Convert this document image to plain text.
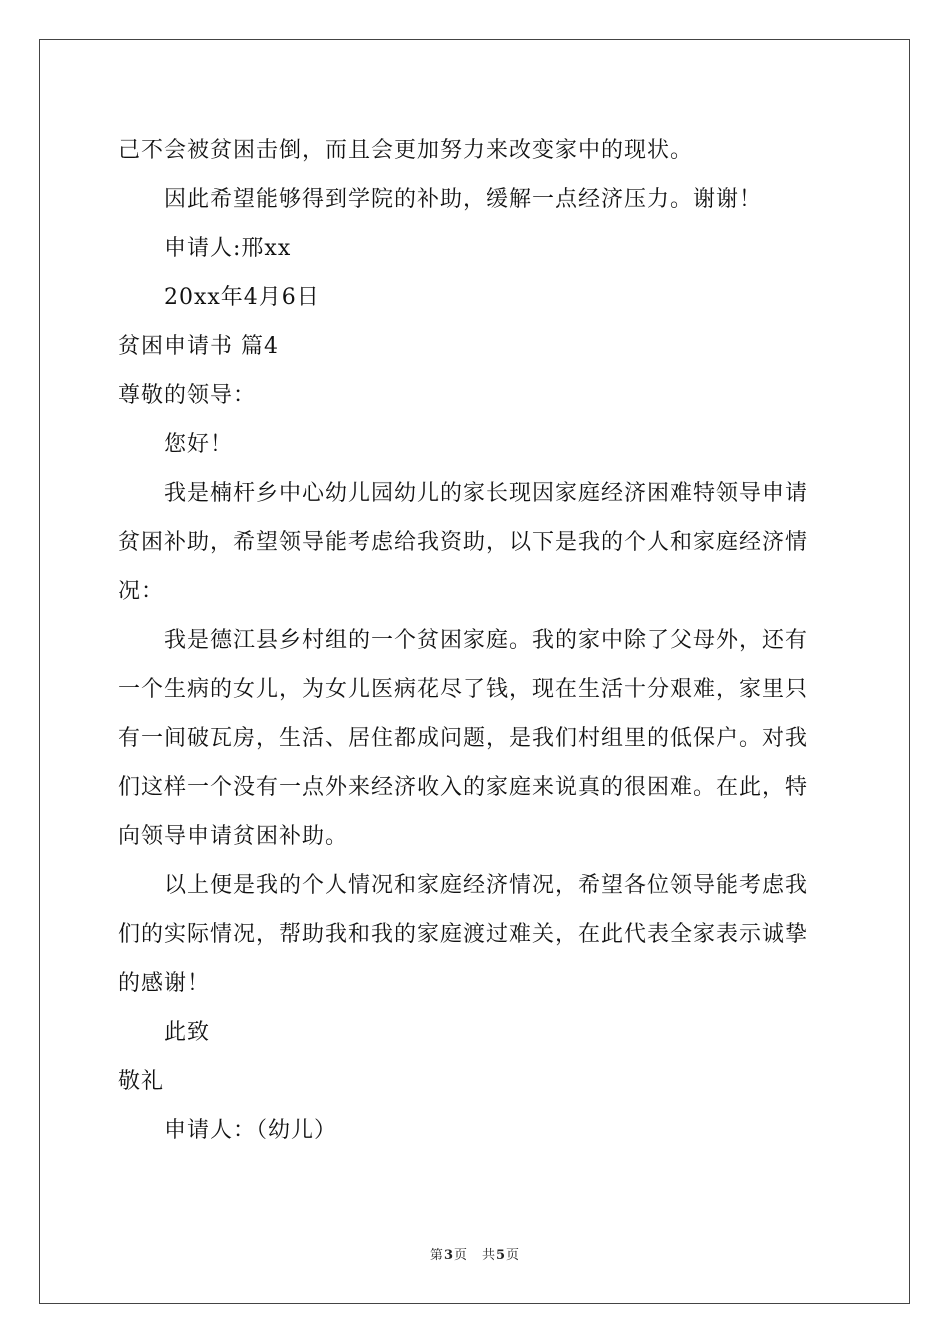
己不会被贫困击倒，而且会更加努力来改变家中的现状。
因此希望能够得到学院的补助，缓解一点经济压力。谢谢！
申请人:邢xx
20xx年4月6日
贫困申请书 篇4
尊敬的领导：
您好！
我是楠杆乡中心幼儿园幼儿的家长现因家庭经济困难特领导申请
贫困补助，希望领导能考虑给我资助，以下是我的个人和家庭经济情
况：
我是德江县乡村组的一个贫困家庭。我的家中除了父母外，还有
一个生病的女儿，为女儿医病花尽了钱，现在生活十分艰难，家里只
有一间破瓦房，生活、居住都成问题，是我们村组里的低保户。对我
们这样一个没有一点外来经济收入的家庭来说真的很困难。在此，特
向领导申请贫困补助。
以上便是我的个人情况和家庭经济情况，希望各位领导能考虑我
们的实际情况，帮助我和我的家庭渡过难关，在此代表全家表示诚挚
的感谢！
此致
敬礼
申请人：（幼儿）
第3页　共5页
